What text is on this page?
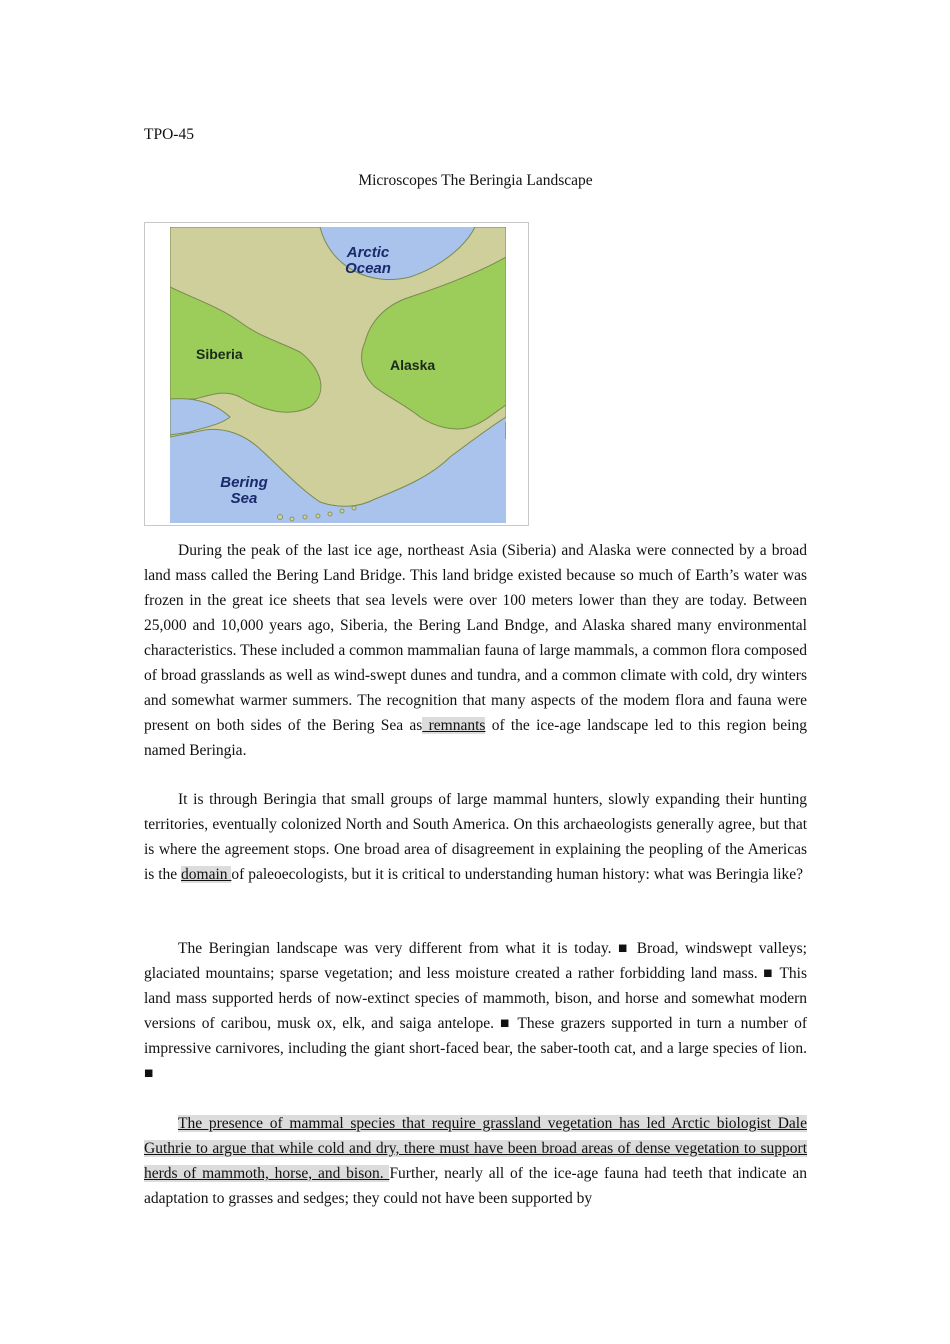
TPO-45
Microscopes The Beringia Landscape
Arctic
Ocean
Siberia
Alaska
Bering
Sea

During the peak of the last ice age, northeast Asia (Siberia) and Alaska were connected by a broad land mass called the Bering Land Bridge. This land bridge existed because so much of Earth’s water was frozen in the great ice sheets that sea levels were over 100 meters lower than they are today. Between 25,000 and 10,000 years ago, Siberia, the Bering Land Bndge, and Alaska shared many environmental characteristics. These included a common mammalian fauna of large mammals, a common flora composed of broad grasslands as well as wind-swept dunes and tundra, and a common climate with cold, dry winters and somewhat warmer summers. The recognition that many aspects of the modem flora and fauna were present on both sides of the Bering Sea as remnants of the ice-age landscape led to this region being named Beringia.

It is through Beringia that small groups of large mammal hunters, slowly expanding their hunting territories, eventually colonized North and South America. On this archaeologists generally agree, but that is where the agreement stops. One broad area of disagreement in explaining the peopling of the Americas is the domain of paleoecologists, but it is critical to understanding human history: what was Beringia like?

The Beringian landscape was very different from what it is today. ■ Broad, windswept valleys; glaciated mountains; sparse vegetation; and less moisture created a rather forbidding land mass. ■ This land mass supported herds of now-extinct species of mammoth, bison, and horse and somewhat modern versions of caribou, musk ox, elk, and saiga antelope. ■ These grazers supported in turn a number of impressive carnivores, including the giant short-faced bear, the saber-tooth cat, and a large species of lion. ■

The presence of mammal species that require grassland vegetation has led Arctic biologist Dale Guthrie to argue that while cold and dry, there must have been broad areas of dense vegetation to support herds of mammoth, horse, and bison. Further, nearly all of the ice-age fauna had teeth that indicate an adaptation to grasses and sedges; they could not have been supported by
